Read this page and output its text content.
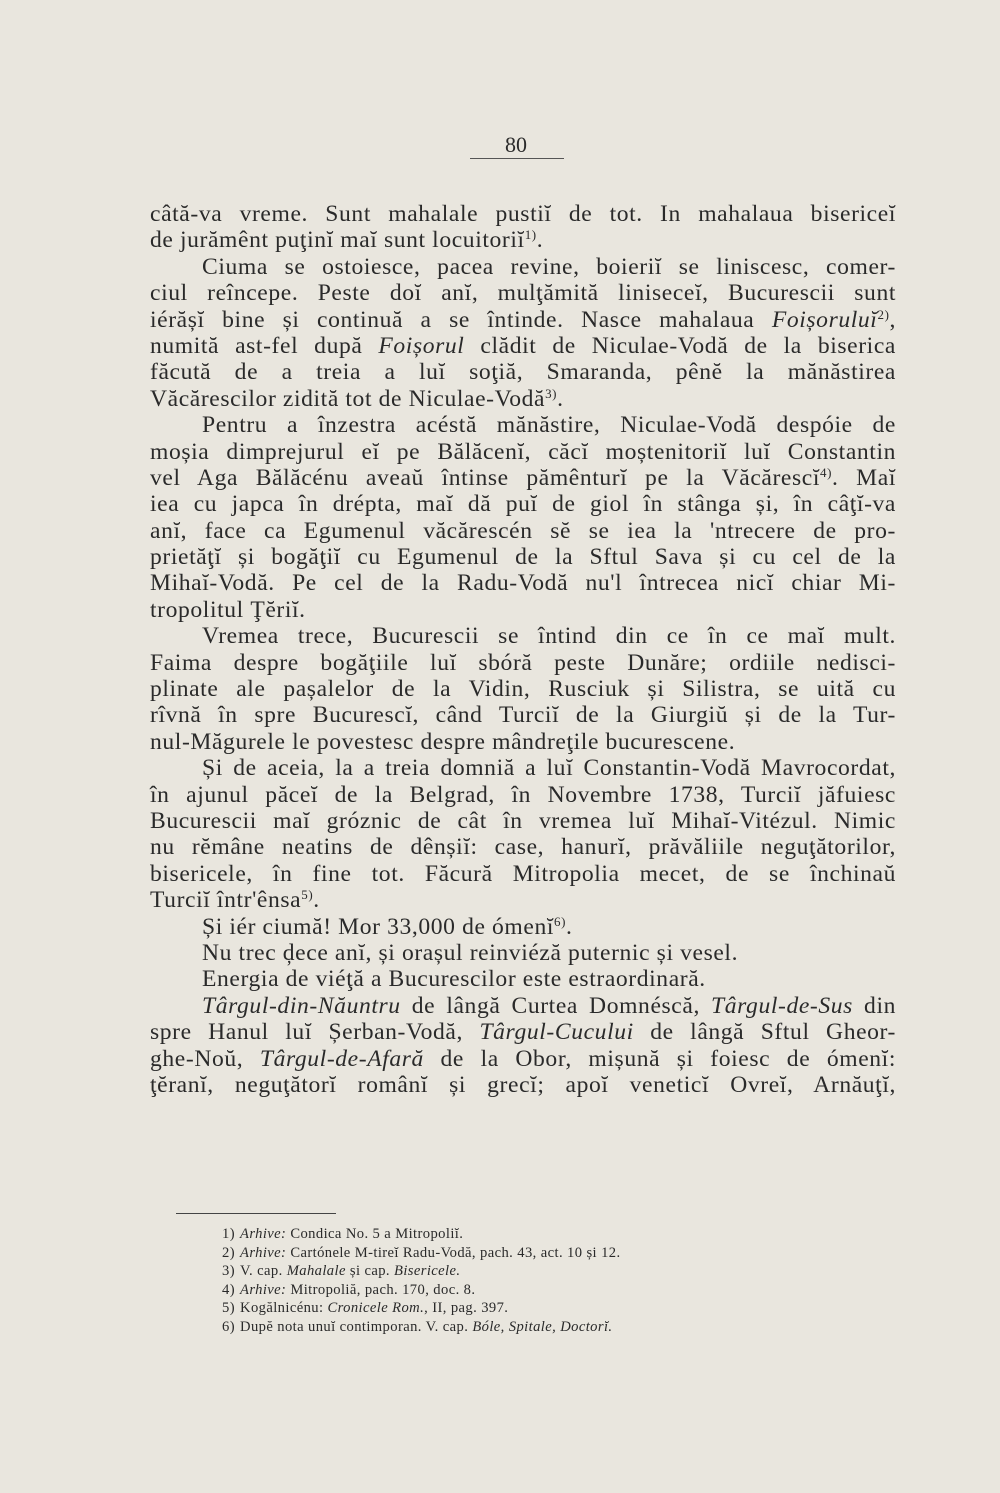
80
câtă-va vreme. Sunt mahalale pustiĭ de tot. In mahalaua bisericeĭ
de jurămênt puţinĭ maĭ sunt locuitoriĭ$^{1)}$.
Ciuma se ostoiesce, pacea revine, boieriĭ se liniscesc, comer-
ciul reîncepe. Peste doĭ anĭ, mulţămită liniseceĭ, Bucurescii sunt
iérășĭ bine și continuă a se întinde. Nasce mahalaua Foișoruluĭ$^{2)}$,
numită ast-fel după Foișorul clădit de Niculae-Vodă de la biserica
făcută de a treia a luĭ soţiă, Smaranda, pênĕ la mănăstirea
Văcărescilor zidită tot de Niculae-Vodă$^{3)}$.
Pentru a înzestra acéstă mănăstire, Niculae-Vodă despóie de
moșia dimprejurul eĭ pe Bălăcenĭ, căcĭ moștenitoriĭ luĭ Constantin
vel Aga Bălăcénu aveaŭ întinse pămênturĭ pe la Văcărescĭ$^{4)}$. Maĭ
iea cu japca în drépta, maĭ dă puĭ de giol în stânga și, în câţĭ-va
anĭ, face ca Egumenul văcărescén sĕ se iea la 'ntrecere de pro-
prietăţĭ și bogăţiĭ cu Egumenul de la Sftul Sava și cu cel de la
Mihaĭ-Vodă. Pe cel de la Radu-Vodă nu'l întrecea nicĭ chiar Mi-
tropolitul Ţĕriĭ.
Vremea trece, Bucurescii se întind din ce în ce maĭ mult.
Faima despre bogăţiile luĭ sbóră peste Dunăre; ordiile nedisci-
plinate ale pașalelor de la Vidin, Rusciuk și Silistra, se uită cu
rîvnă în spre Bucurescĭ, când Turciĭ de la Giurgiŭ și de la Tur-
nul-Măgurele le povestesc despre mândreţile bucurescene.
Și de aceia, la a treia domniă a luĭ Constantin-Vodă Mavrocordat,
în ajunul păceĭ de la Belgrad, în Novembre 1738, Turciĭ jăfuiesc
Bucurescii maĭ gróznic de cât în vremea luĭ Mihaĭ-Vitézul. Nimic
nu rĕmâne neatins de dênșiĭ: case, hanurĭ, prăvăliile neguţătorilor,
bisericele, în fine tot. Făcură Mitropolia mecet, de se închinaŭ
Turciĭ într'ênsa$^{5)}$.
Și iér ciumă! Mor 33,000 de ómenĭ$^{6)}$.
Nu trec ḑece anĭ, și orașul reinviéză puternic și vesel.
Energia de viéţă a Bucurescilor este estraordinară.
Târgul-din-Năuntru de lângă Curtea Domnéscă, Târgul-de-Sus din
spre Hanul luĭ Șerban-Vodă, Târgul-Cucului de lângă Sftul Gheor-
ghe-Noŭ, Târgul-de-Afară de la Obor, mișună și foiesc de ómenĭ:
ţĕranĭ, neguţătorĭ românĭ și grecĭ; apoĭ veneticĭ Ovreĭ, Arnăuţĭ,
1) Arhive: Condica No. 5 a Mitropoliĭ.
2) Arhive: Cartónele M-tireĭ Radu-Vodă, pach. 43, act. 10 și 12.
3) V. cap. Mahalale și cap. Bisericele.
4) Arhive: Mitropoliă, pach. 170, doc. 8.
5) Kogălnicénu: Cronicele Rom., II, pag. 397.
6) Dupĕ nota unuĭ contimporan. V. cap. Bóle, Spitale, Doctorĭ.
